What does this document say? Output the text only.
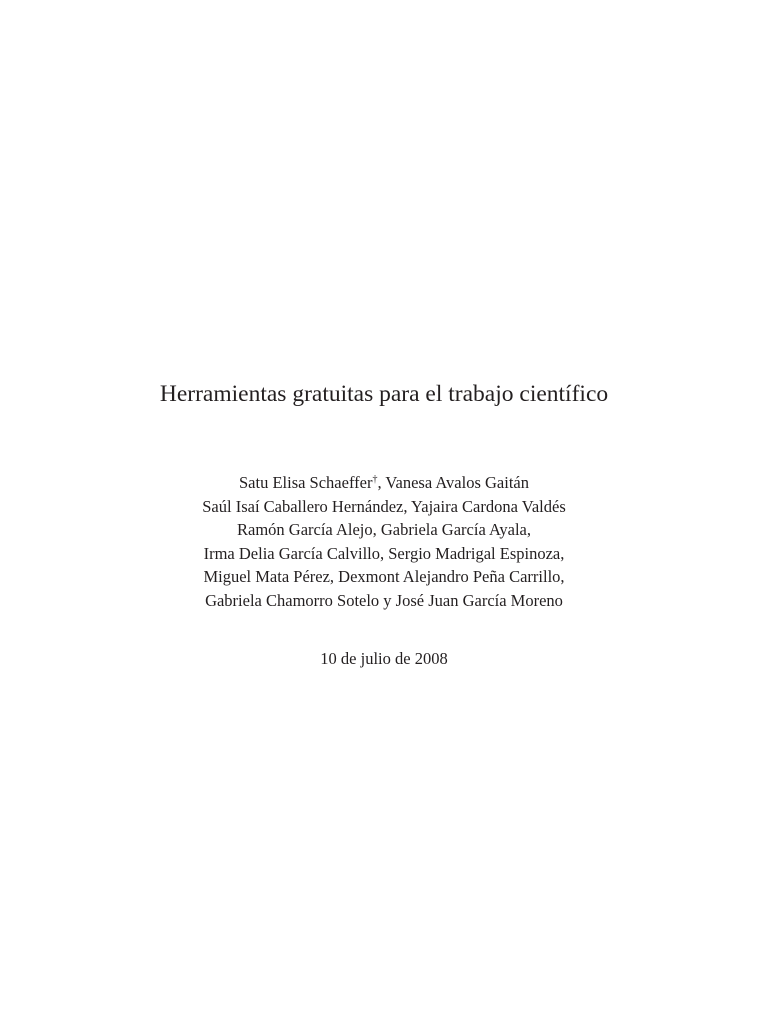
Herramientas gratuitas para el trabajo científico
Satu Elisa Schaeffer†, Vanesa Avalos Gaitán
Saúl Isaí Caballero Hernández, Yajaira Cardona Valdés
Ramón García Alejo, Gabriela García Ayala,
Irma Delia García Calvillo, Sergio Madrigal Espinoza,
Miguel Mata Pérez, Dexmont Alejandro Peña Carrillo,
Gabriela Chamorro Sotelo y José Juan García Moreno

10 de julio de 2008
